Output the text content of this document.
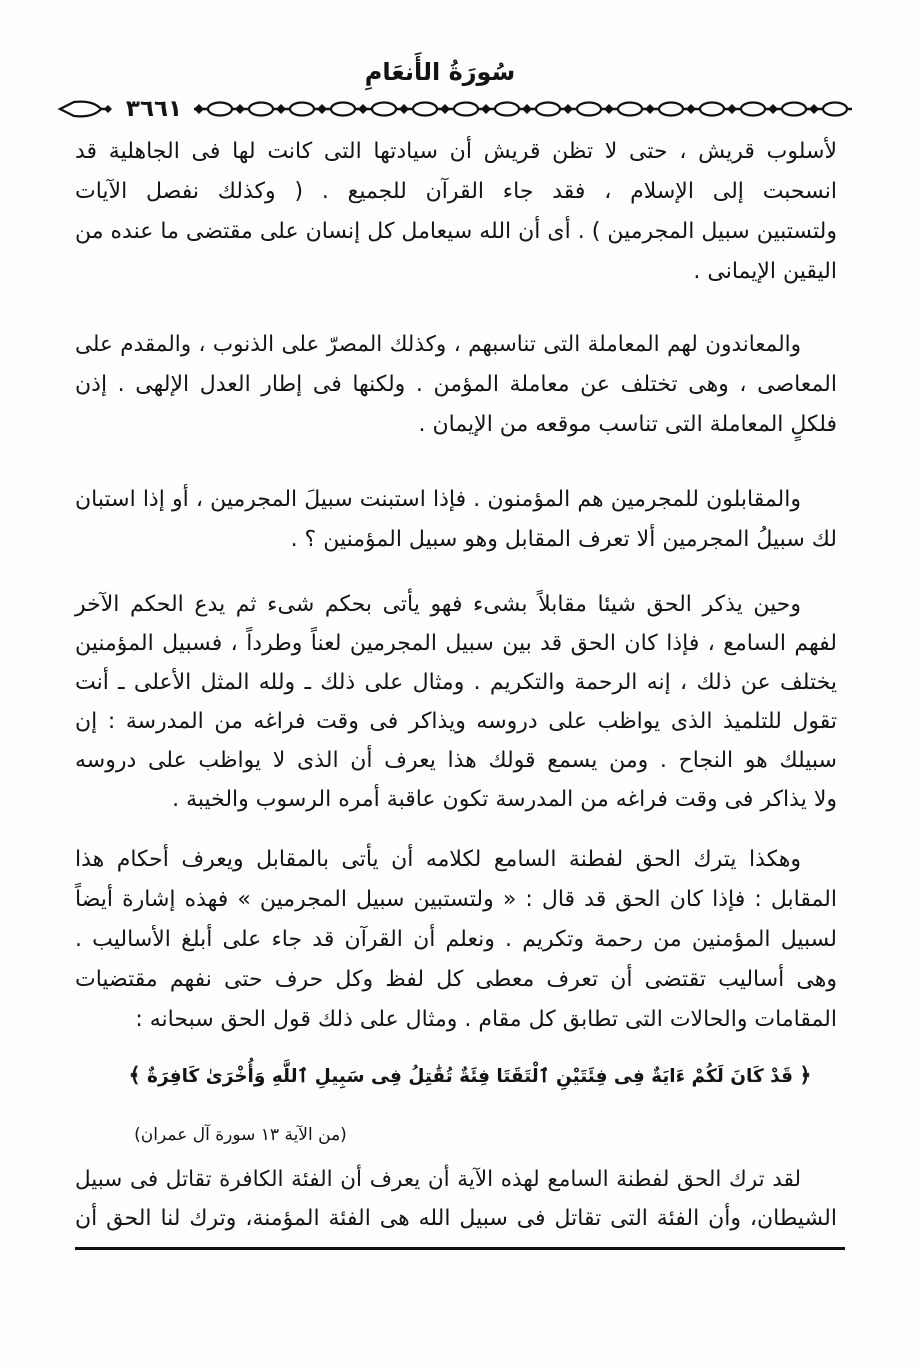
سُورَةُ الأَنعَامِ
٣٦٦١
لأسلوب قريش ، حتى لا تظن قريش أن سيادتها التى كانت لها فى الجاهلية قد
انسحبت إلى الإسلام ، فقد جاء القرآن للجميع . ( وكذلك نفصل الآيات
ولتستبين سبيل المجرمين ) . أى أن الله سيعامل كل إنسان على مقتضى ما عنده من
اليقين الإيمانى .
والمعاندون لهم المعاملة التى تناسبهم ، وكذلك المصرّ على الذنوب ، والمقدم على
المعاصى ، وهى تختلف عن معاملة المؤمن . ولكنها فى إطار العدل الإلهى . إذن
فلكلٍ المعاملة التى تناسب موقعه من الإيمان .
والمقابلون للمجرمين هم المؤمنون . فإذا استبنت سبيلَ المجرمين ، أو إذا استبان
لك سبيلُ المجرمين ألا تعرف المقابل وهو سبيل المؤمنين ؟ .
وحين يذكر الحق شيئا مقابلاً بشىء فهو يأتى بحكم شىء ثم يدع الحكم الآخر
لفهم السامع ، فإذا كان الحق قد بين سبيل المجرمين لعناً وطرداً ، فسبيل المؤمنين
يختلف عن ذلك ، إنه الرحمة والتكريم . ومثال على ذلك ـ ولله المثل الأعلى ـ أنت
تقول للتلميذ الذى يواظب على دروسه ويذاكر فى وقت فراغه من المدرسة : إن
سبيلك هو النجاح . ومن يسمع قولك هذا يعرف أن الذى لا يواظب على دروسه
ولا يذاكر فى وقت فراغه من المدرسة تكون عاقبة أمره الرسوب والخيبة .
وهكذا يترك الحق لفطنة السامع لكلامه أن يأتى بالمقابل ويعرف أحكام هذا
المقابل : فإذا كان الحق قد قال : « ولتستبين سبيل المجرمين » فهذه إشارة أيضاً
لسبيل المؤمنين من رحمة وتكريم . ونعلم أن القرآن قد جاء على أبلغ الأساليب .
وهى أساليب تقتضى أن تعرف معطى كل لفظ وكل حرف حتى نفهم مقتضيات
المقامات والحالات التى تطابق كل مقام . ومثال على ذلك قول الحق سبحانه :
﴿ قَدْ كَانَ لَكُمْ ءَايَةٌ فِى فِئَتَيْنِ ٱلْتَقَتَا فِئَةٌ تُقَٰتِلُ فِى سَبِيلِ ٱللَّهِ وَأُخْرَىٰ كَافِرَةٌ ﴾
(من الآية ١٣ سورة آل عمران)
لقد ترك الحق لفطنة السامع لهذه الآية أن يعرف أن الفئة الكافرة تقاتل فى سبيل
الشيطان، وأن الفئة التى تقاتل فى سبيل الله هى الفئة المؤمنة، وترك لنا الحق أن
